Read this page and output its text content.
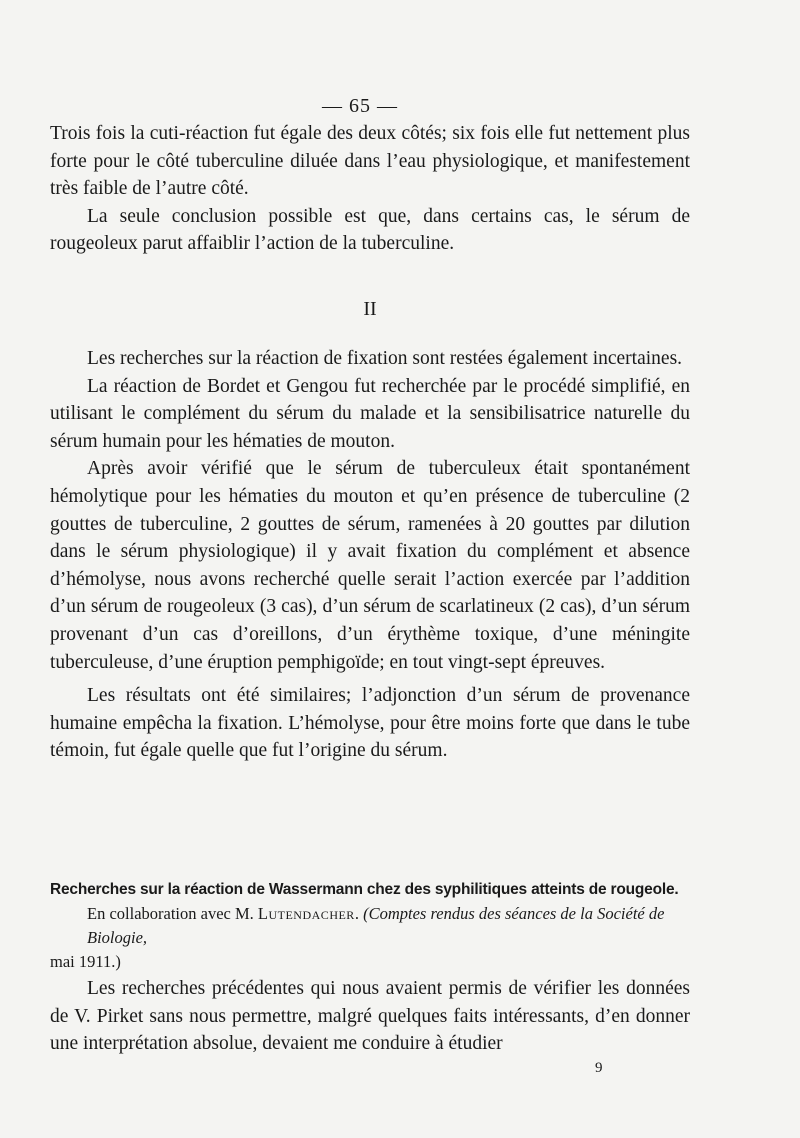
— 65 —

Trois fois la cuti-réaction fut égale des deux côtés; six fois elle fut nettement plus forte pour le côté tuberculine diluée dans l’eau physiologique, et manifestement très faible de l’autre côté.

La seule conclusion possible est que, dans certains cas, le sérum de rougeoleux parut affaiblir l’action de la tuberculine.

II

Les recherches sur la réaction de fixation sont restées également incertaines.

La réaction de Bordet et Gengou fut recherchée par le procédé simplifié, en utilisant le complément du sérum du malade et la sensibilisatrice naturelle du sérum humain pour les hématies de mouton.

Après avoir vérifié que le sérum de tuberculeux était spontanément hémolytique pour les hématies du mouton et qu’en présence de tuberculine (2 gouttes de tuberculine, 2 gouttes de sérum, ramenées à 20 gouttes par dilution dans le sérum physiologique) il y avait fixation du complément et absence d’hémolyse, nous avons recherché quelle serait l’action exercée par l’addition d’un sérum de rougeoleux (3 cas), d’un sérum de scarlatineux (2 cas), d’un sérum provenant d’un cas d’oreillons, d’un érythème toxique, d’une méningite tuberculeuse, d’une éruption pemphigoïde; en tout vingt-sept épreuves.

Les résultats ont été similaires; l’adjonction d’un sérum de provenance humaine empêcha la fixation. L’hémolyse, pour être moins forte que dans le tube témoin, fut égale quelle que fut l’origine du sérum.

Recherches sur la réaction de Wassermann chez des syphilitiques atteints de rougeole.
En collaboration avec M. Lutendacher. (Comptes rendus des séances de la Société de Biologie,
mai 1911.)

Les recherches précédentes qui nous avaient permis de vérifier les données de V. Pirket sans nous permettre, malgré quelques faits intéressants, d’en donner une interprétation absolue, devaient me conduire à étudier

9
